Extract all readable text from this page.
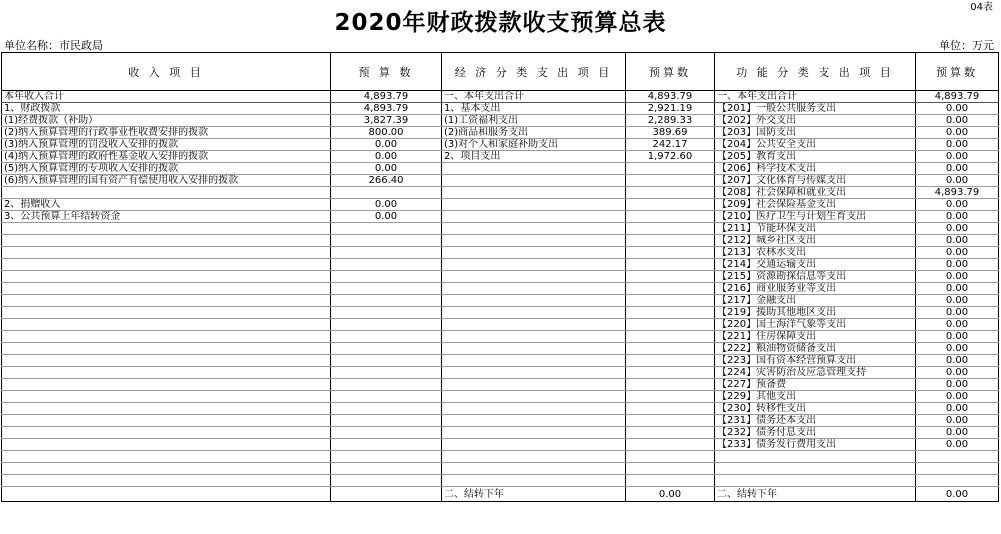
04表
2020年财政拨款收支预算总表
单位名称：市民政局	单位：万元
收 入 项 目	预 算 数	经 济 分 类 支 出 项 目	预算数	功 能 分 类 支 出 项 目	预算数
本年收入合计	4,893.79	一、本年支出合计	4,893.79	一、本年支出合计	4,893.79
1、财政拨款	4,893.79	1、基本支出	2,921.19	【201】一般公共服务支出	0.00
(1)经费拨款（补助）	3,827.39	(1)工资福利支出	2,289.33	【202】外交支出	0.00
(2)纳入预算管理的行政事业性收费安排的拨款	800.00	(2)商品和服务支出	389.69	【203】国防支出	0.00
(3)纳入预算管理的罚没收入安排的拨款	0.00	(3)对个人和家庭补助支出	242.17	【204】公共安全支出	0.00
(4)纳入预算管理的政府性基金收入安排的拨款	0.00	2、项目支出	1,972.60	【205】教育支出	0.00
(5)纳入预算管理的专项收入安排的拨款	0.00			【206】科学技术支出	0.00
(6)纳入预算管理的国有资产有偿使用收入安排的拨款	266.40			【207】文化体育与传媒支出	0.00
				【208】社会保障和就业支出	4,893.79
2、捐赠收入	0.00			【209】社会保险基金支出	0.00
3、公共预算上年结转资金	0.00			【210】医疗卫生与计划生育支出	0.00
				【211】节能环保支出	0.00
				【212】城乡社区支出	0.00
				【213】农林水支出	0.00
				【214】交通运输支出	0.00
				【215】资源勘探信息等支出	0.00
				【216】商业服务业等支出	0.00
				【217】金融支出	0.00
				【219】援助其他地区支出	0.00
				【220】国土海洋气象等支出	0.00
				【221】住房保障支出	0.00
				【222】粮油物资储备支出	0.00
				【223】国有资本经营预算支出	0.00
				【224】灾害防治及应急管理支持	0.00
				【227】预备费	0.00
				【229】其他支出	0.00
				【230】转移性支出	0.00
				【231】债务还本支出	0.00
				【232】债务付息支出	0.00
				【233】债务发行费用支出	0.00

		二、结转下年	0.00	二、结转下年	0.00
